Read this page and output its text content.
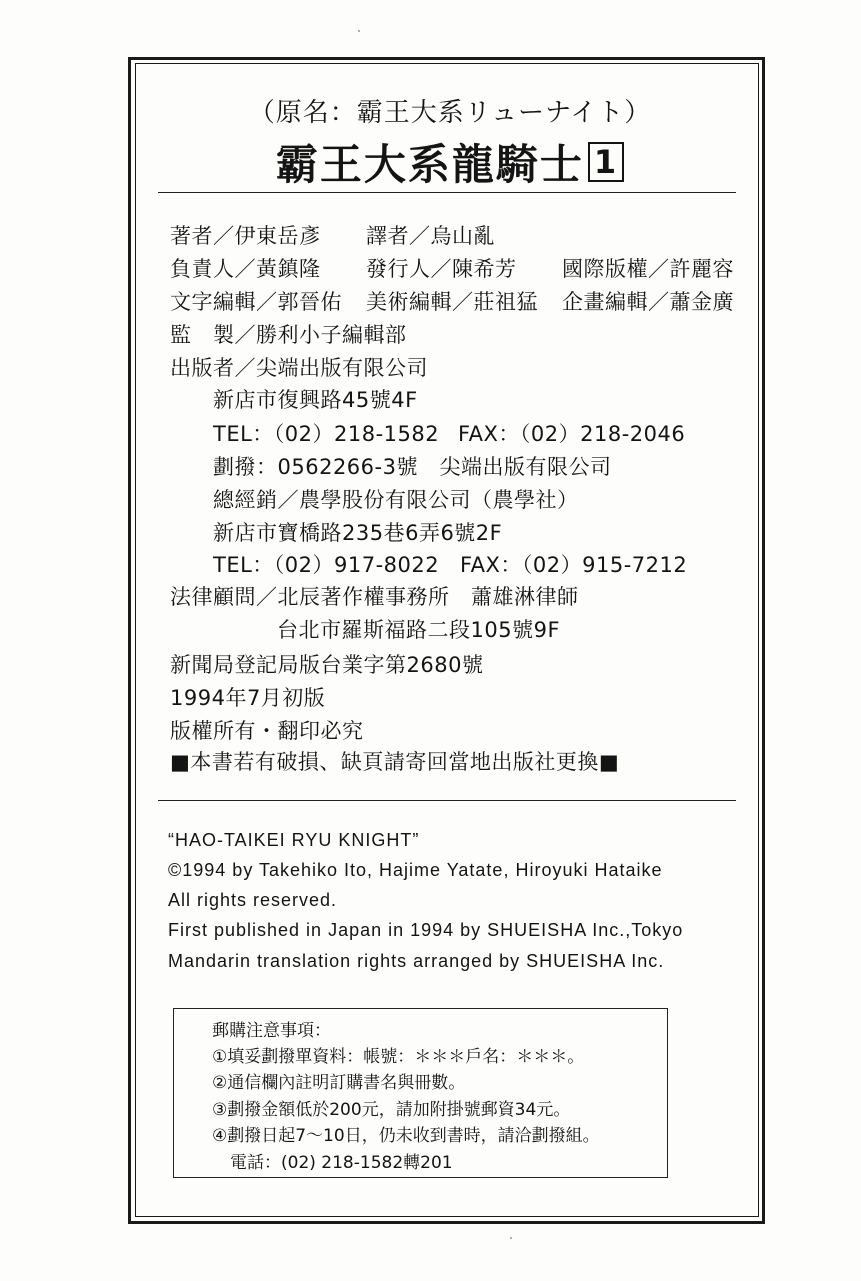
（原名：霸王大系リューナイト）
霸王大系龍騎士 1
著者／伊東岳彥 譯者／烏山亂
負責人／黃鎮隆 發行人／陳希芳 國際版權／許麗容
文字編輯／郭晉佑 美術編輯／莊祖猛 企畫編輯／蕭金廣
監　製／勝利小子編輯部
出版者／尖端出版有限公司
新店市復興路45號4F
TEL：（02）218-1582 FAX：（02）218-2046
劃撥：0562266-3號　尖端出版有限公司
總經銷／農學股份有限公司（農學社）
新店市寶橋路235巷6弄6號2F
TEL：（02）917-8022 FAX：（02）915-7212
法律顧問／北辰著作權事務所　蕭雄淋律師
台北市羅斯福路二段105號9F
新聞局登記局版台業字第2680號
1994年7月初版
版權所有・翻印必究
■本書若有破損、缺頁請寄回當地出版社更換■
“HAO-TAIKEI RYU KNIGHT”
©1994 by Takehiko Ito, Hajime Yatate, Hiroyuki Hataike
All rights reserved.
First published in Japan in 1994 by SHUEISHA Inc.,Tokyo
Mandarin translation rights arranged by SHUEISHA Inc.
郵購注意事項：
①填妥劃撥單資料：帳號：＊＊＊戶名：＊＊＊。
②通信欄內註明訂購書名與冊數。
③劃撥金額低於200元，請加附掛號郵資34元。
④劃撥日起7～10日，仍未收到書時，請洽劃撥組。
電話：(02) 218-1582轉201
